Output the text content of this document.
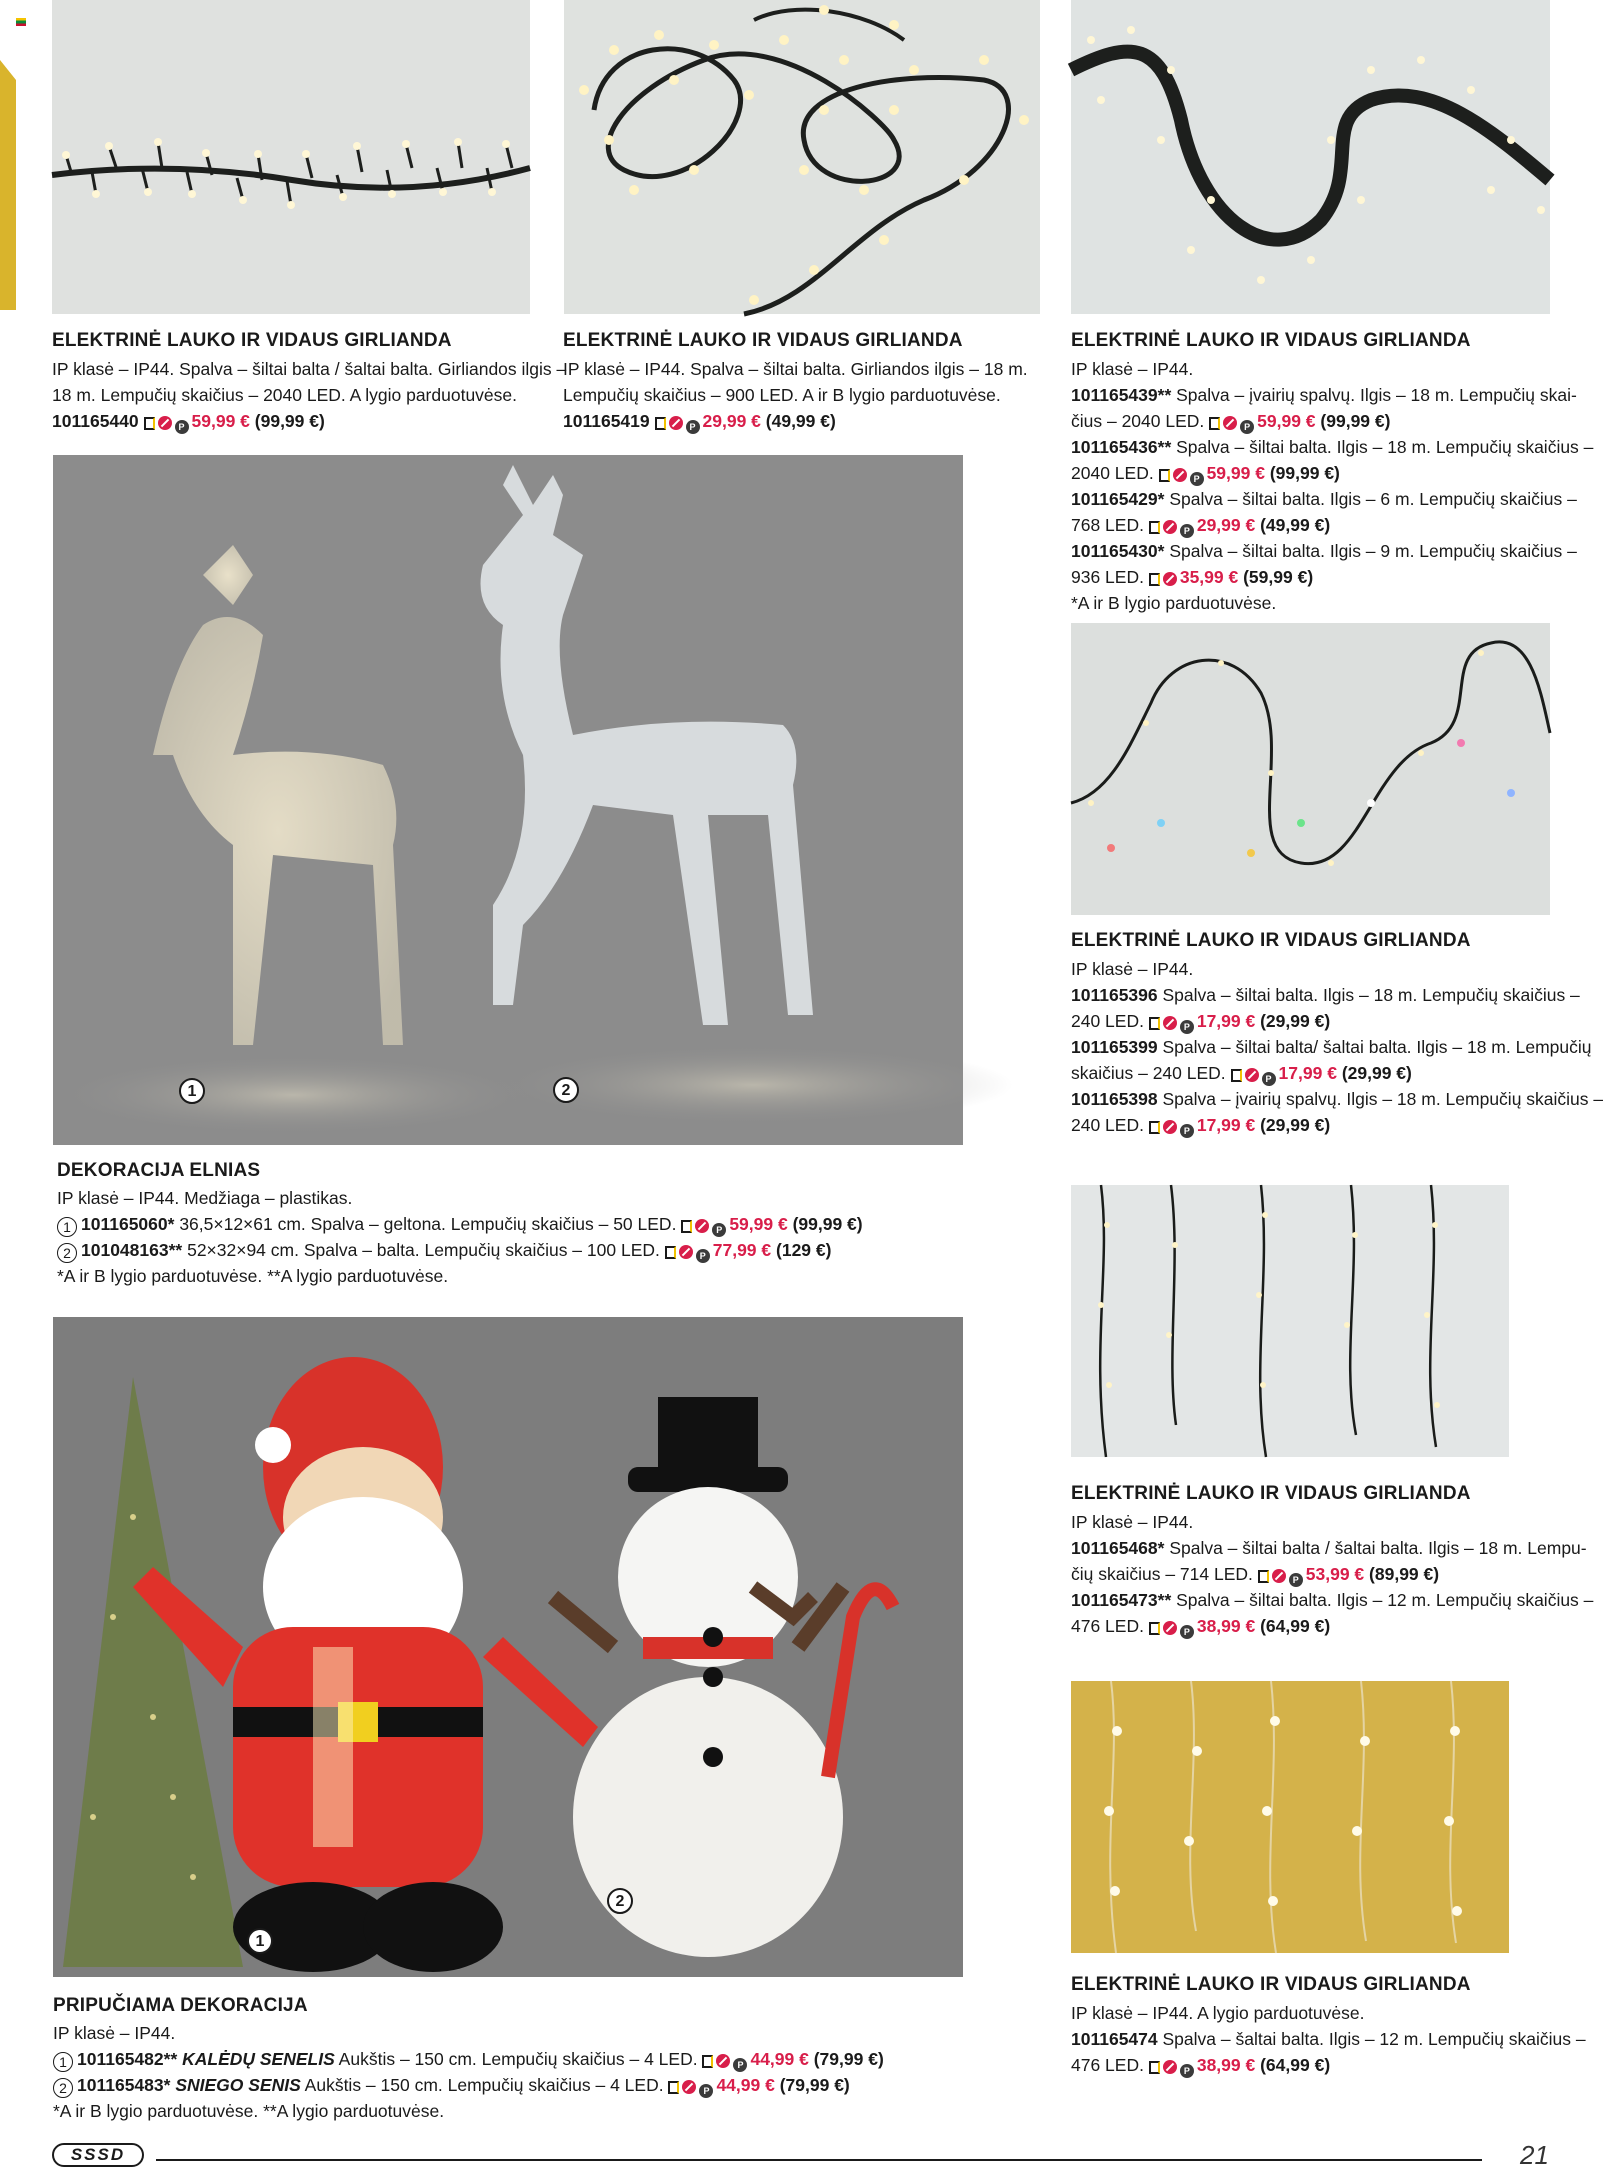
1	2
1
2
ELEKTRINĖ LAUKO IR VIDAUS GIRLIANDA
IP klasė – IP44. Spalva – šiltai balta / šaltai balta. Girliandos ilgis –
18 m. Lempučių skaičius – 2040 LED. A lygio parduotuvėse.
101165440	P 59,99 € (99,99 €)
ELEKTRINĖ LAUKO IR VIDAUS GIRLIANDA
IP klasė – IP44. Spalva – šiltai balta. Girliandos ilgis – 18 m.
Lempučių skaičius – 900 LED. A ir B lygio parduotuvėse.
101165419	P 29,99 € (49,99 €)
ELEKTRINĖ LAUKO IR VIDAUS GIRLIANDA
IP klasė – IP44.
101165439** Spalva – įvairių spalvų. Ilgis – 18 m. Lempučių skai-
čius – 2040 LED.	P 59,99 € (99,99 €)
101165436** Spalva – šiltai balta. Ilgis – 18 m. Lempučių skaičius –
2040 LED.	P 59,99 € (99,99 €)
101165429* Spalva – šiltai balta. Ilgis – 6 m. Lempučių skaičius –
768 LED.	P 29,99 € (49,99 €)
101165430* Spalva – šiltai balta. Ilgis – 9 m. Lempučių skaičius –
936 LED. 35,99 € (59,99 €)
*A ir B lygio parduotuvėse.
DEKORACIJA ELNIAS
IP klasė – IP44. Medžiaga – plastikas.
1 101165060* 36,5×12×61 cm. Spalva – geltona. Lempučių skaičius – 50 LED.	P 59,99 € (99,99 €)
2 101048163** 52×32×94 cm. Spalva – balta. Lempučių skaičius – 100 LED.	P 77,99 € (129 €)
*A ir B lygio parduotuvėse. **A lygio parduotuvėse.
ELEKTRINĖ LAUKO IR VIDAUS GIRLIANDA
IP klasė – IP44.
101165396 Spalva – šiltai balta. Ilgis – 18 m. Lempučių skaičius –
240 LED.	P 17,99 € (29,99 €)
101165399 Spalva – šiltai balta/ šaltai balta. Ilgis – 18 m. Lempučių
skaičius – 240 LED.	P 17,99 € (29,99 €)
101165398 Spalva – įvairių spalvų. Ilgis – 18 m. Lempučių skaičius –
240 LED.	P 17,99 € (29,99 €)
ELEKTRINĖ LAUKO IR VIDAUS GIRLIANDA
IP klasė – IP44.
101165468* Spalva – šiltai balta / šaltai balta. Ilgis – 18 m. Lempu-
čių skaičius – 714 LED.	P 53,99 € (89,99 €)
101165473** Spalva – šiltai balta. Ilgis – 12 m. Lempučių skaičius –
476 LED.	P 38,99 € (64,99 €)
PRIPUČIAMA DEKORACIJA
IP klasė – IP44.
1 101165482** KALĖDŲ SENELIS Aukštis – 150 cm. Lempučių skaičius – 4 LED.	P 44,99 € (79,99 €)
2 101165483* SNIEGO SENIS Aukštis – 150 cm. Lempučių skaičius – 4 LED.	P 44,99 € (79,99 €)
*A ir B lygio parduotuvėse. **A lygio parduotuvėse.
ELEKTRINĖ LAUKO IR VIDAUS GIRLIANDA
IP klasė – IP44. A lygio parduotuvėse.
101165474 Spalva – šaltai balta. Ilgis – 12 m. Lempučių skaičius –
476 LED.	P 38,99 € (64,99 €)
SSSD	21
